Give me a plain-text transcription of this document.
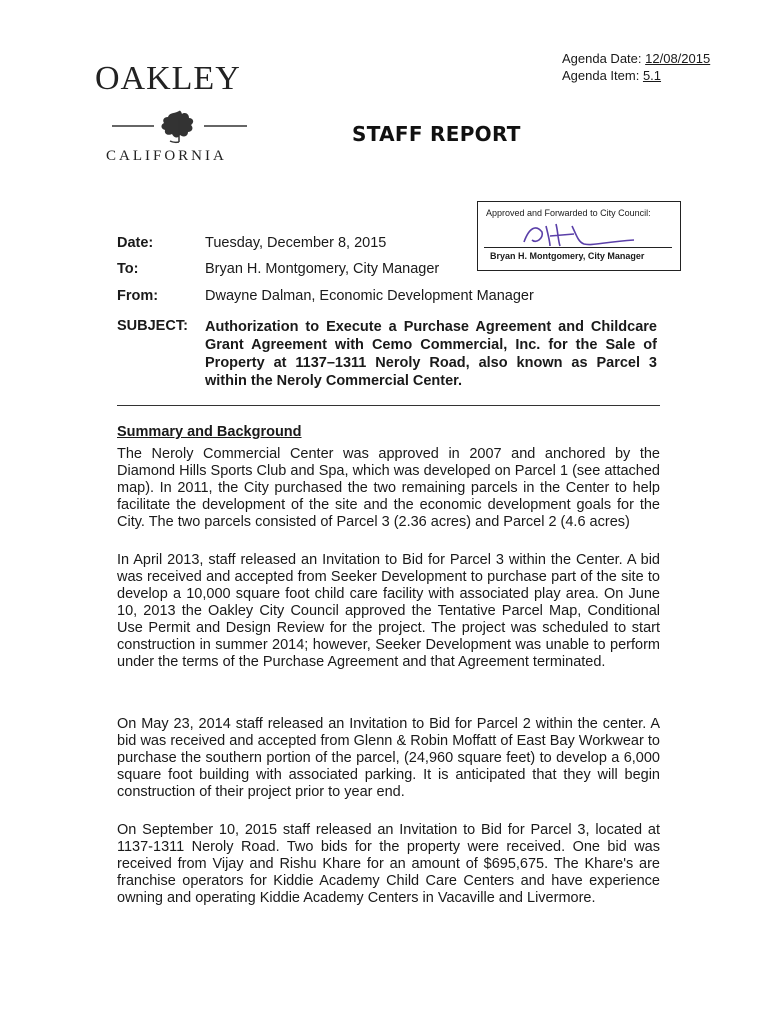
Agenda Date: 12/08/2015
Agenda Item: 5.1
OAKLEY
CALIFORNIA
STAFF REPORT
Approved and Forwarded to City Council:
Bryan H. Montgomery, City Manager
Date:	Tuesday, December 8, 2015
To:	Bryan H. Montgomery, City Manager
From:	Dwayne Dalman, Economic Development Manager
SUBJECT: Authorization to Execute a Purchase Agreement and Childcare Grant Agreement with Cemo Commercial, Inc. for the Sale of Property at 1137–1311 Neroly Road, also known as Parcel 3 within the Neroly Commercial Center.
Summary and Background
The Neroly Commercial Center was approved in 2007 and anchored by the Diamond Hills Sports Club and Spa, which was developed on Parcel 1 (see attached map). In 2011, the City purchased the two remaining parcels in the Center to help facilitate the development of the site and the economic development goals for the City. The two parcels consisted of Parcel 3 (2.36 acres) and Parcel 2 (4.6 acres)
In April 2013, staff released an Invitation to Bid for Parcel 3 within the Center. A bid was received and accepted from Seeker Development to purchase part of the site to develop a 10,000 square foot child care facility with associated play area. On June 10, 2013 the Oakley City Council approved the Tentative Parcel Map, Conditional Use Permit and Design Review for the project. The project was scheduled to start construction in summer 2014; however, Seeker Development was unable to perform under the terms of the Purchase Agreement and that Agreement terminated.
On May 23, 2014 staff released an Invitation to Bid for Parcel 2 within the center. A bid was received and accepted from Glenn & Robin Moffatt of East Bay Workwear to purchase the southern portion of the parcel, (24,960 square feet) to develop a 6,000 square foot building with associated parking. It is anticipated that they will begin construction of their project prior to year end.
On September 10, 2015 staff released an Invitation to Bid for Parcel 3, located at 1137-1311 Neroly Road. Two bids for the property were received. One bid was received from Vijay and Rishu Khare for an amount of $695,675. The Khare's are franchise operators for Kiddie Academy Child Care Centers and have experience owning and operating Kiddie Academy Centers in Vacaville and Livermore.
